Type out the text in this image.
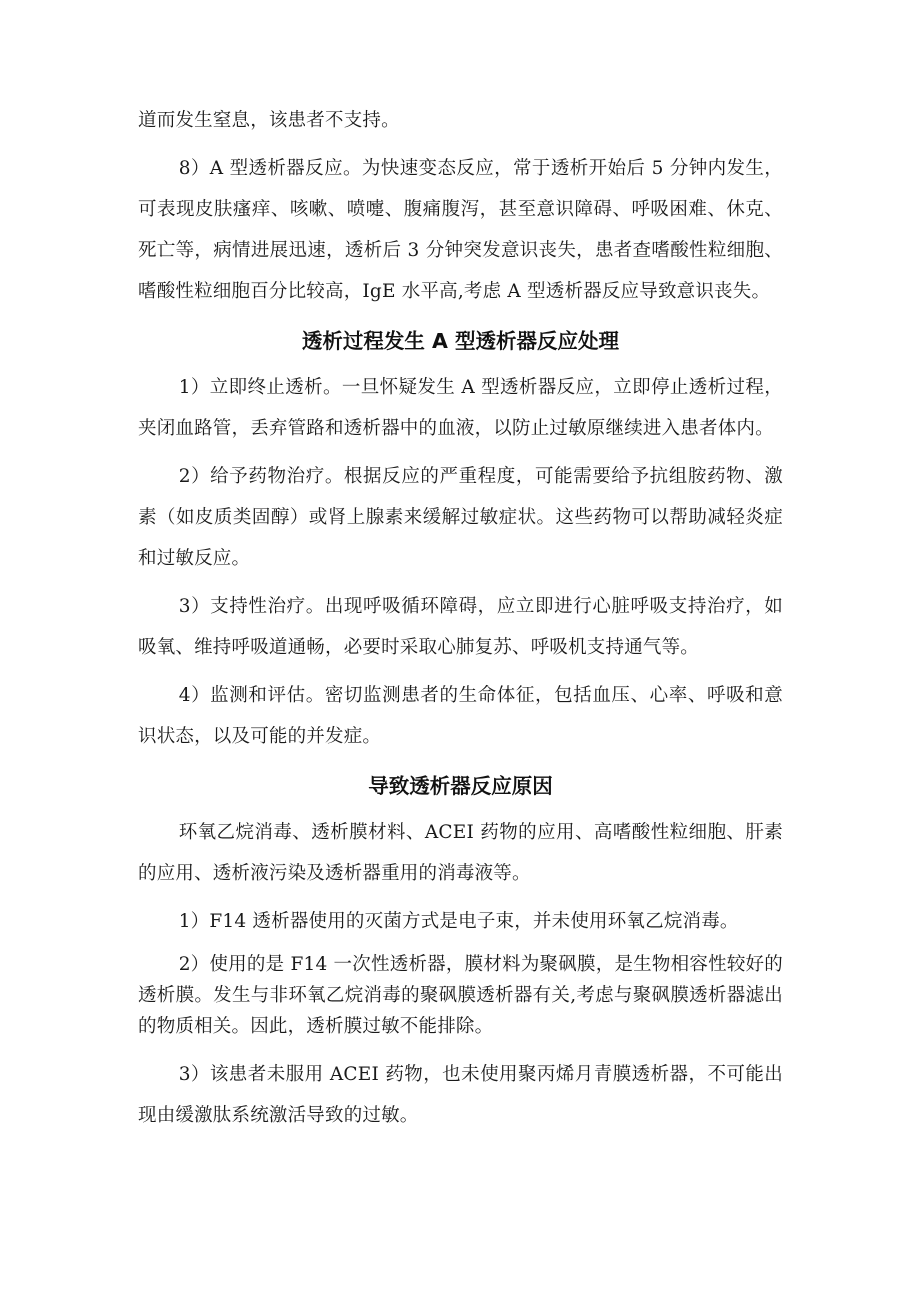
道而发生窒息，该患者不支持。

8）A 型透析器反应。为快速变态反应，常于透析开始后 5 分钟内发生，可表现皮肤瘙痒、咳嗽、喷嚏、腹痛腹泻，甚至意识障碍、呼吸困难、休克、死亡等，病情进展迅速，透析后 3 分钟突发意识丧失，患者查嗜酸性粒细胞、嗜酸性粒细胞百分比较高，IgE 水平高,考虑 A 型透析器反应导致意识丧失。

透析过程发生 A 型透析器反应处理

1）立即终止透析。一旦怀疑发生 A 型透析器反应，立即停止透析过程，夹闭血路管，丢弃管路和透析器中的血液，以防止过敏原继续进入患者体内。

2）给予药物治疗。根据反应的严重程度，可能需要给予抗组胺药物、激素（如皮质类固醇）或肾上腺素来缓解过敏症状。这些药物可以帮助减轻炎症和过敏反应。

3）支持性治疗。出现呼吸循环障碍，应立即进行心脏呼吸支持治疗，如吸氧、维持呼吸道通畅，必要时采取心肺复苏、呼吸机支持通气等。

4）监测和评估。密切监测患者的生命体征，包括血压、心率、呼吸和意识状态，以及可能的并发症。

导致透析器反应原因

环氧乙烷消毒、透析膜材料、ACEI 药物的应用、高嗜酸性粒细胞、肝素的应用、透析液污染及透析器重用的消毒液等。

1）F14 透析器使用的灭菌方式是电子束，并未使用环氧乙烷消毒。

2）使用的是 F14 一次性透析器，膜材料为聚砜膜，是生物相容性较好的透析膜。发生与非环氧乙烷消毒的聚砜膜透析器有关,考虑与聚砜膜透析器滤出的物质相关。因此，透析膜过敏不能排除。

3）该患者未服用 ACEI 药物，也未使用聚丙烯月青膜透析器，不可能出现由缓激肽系统激活导致的过敏。
